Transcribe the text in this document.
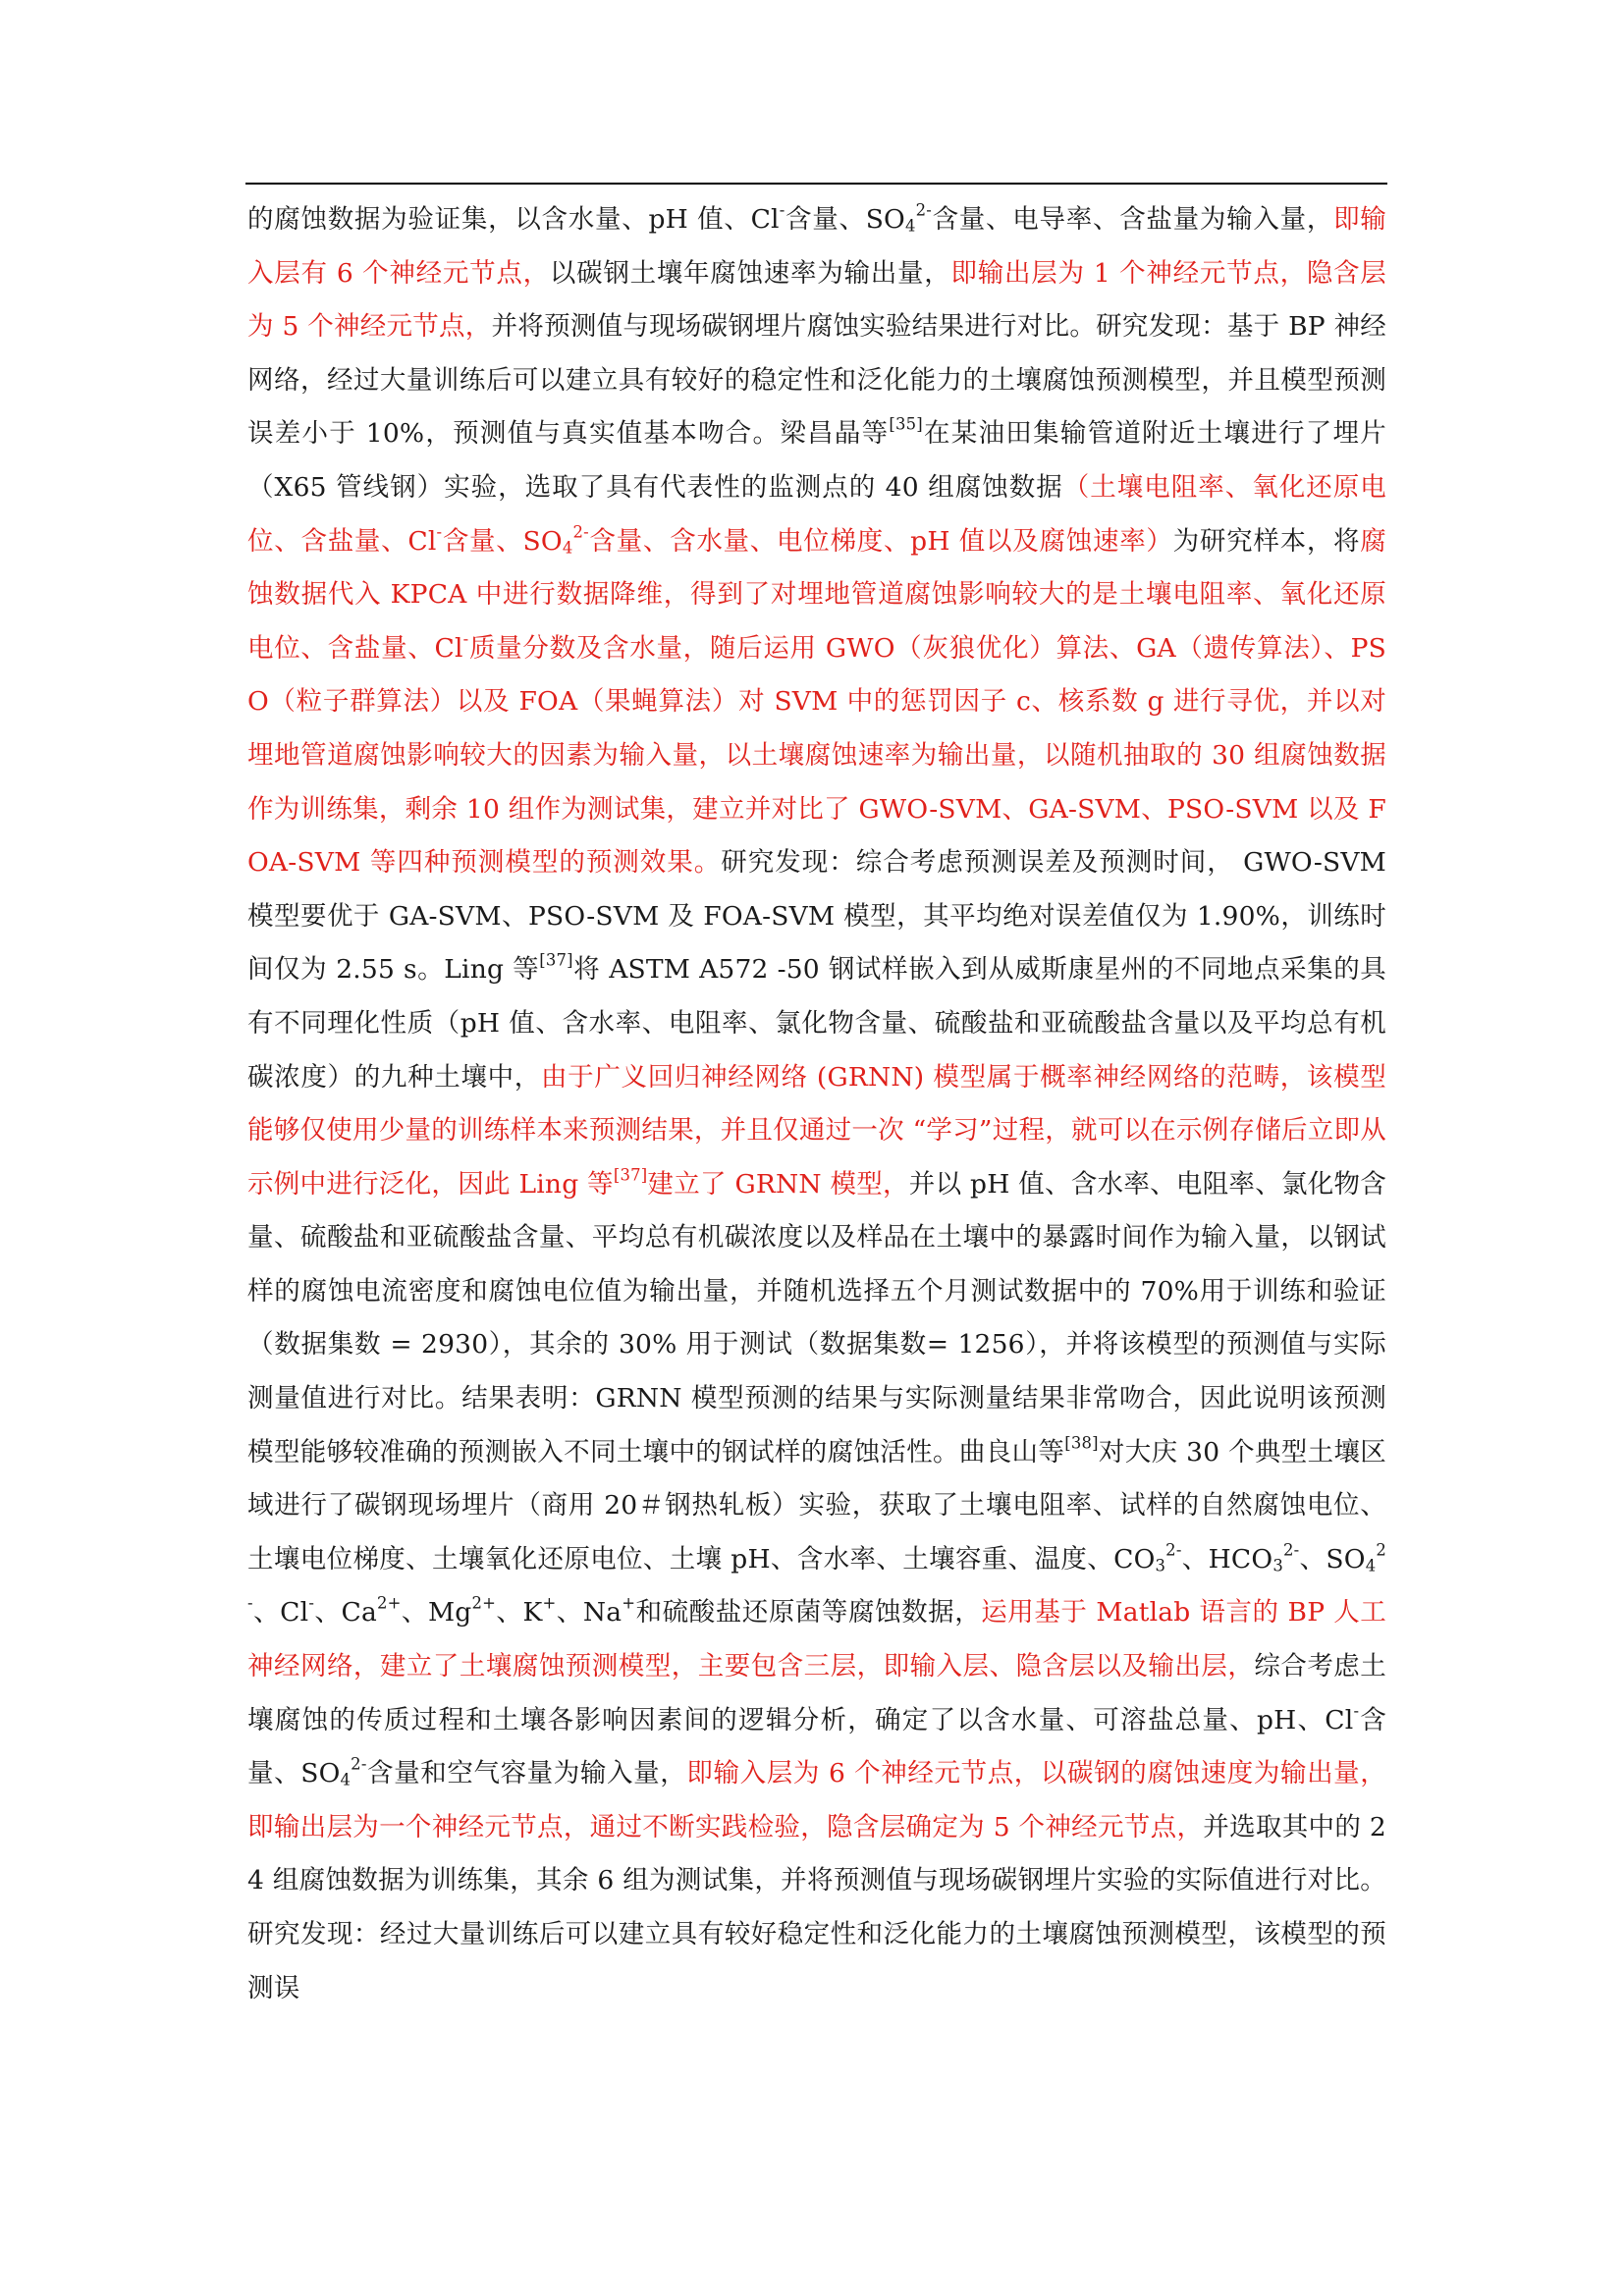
的腐蚀数据为验证集，以含水量、pH 值、Cl-含量、$SO_4^{2-}$含量、电导率、含盐量为输入量，即输入层有 6 个神经元节点，以碳钢土壤年腐蚀速率为输出量，即输出层为 1 个神经元节点，隐含层为 5 个神经元节点，并将预测值与现场碳钢埋片腐蚀实验结果进行对比。研究发现：基于 BP 神经网络，经过大量训练后可以建立具有较好的稳定性和泛化能力的土壤腐蚀预测模型，并且模型预测误差小于 10%，预测值与真实值基本吻合。梁昌晶等[35]在某油田集输管道附近土壤进行了埋片（X65 管线钢）实验，选取了具有代表性的监测点的 40 组腐蚀数据（土壤电阻率、氧化还原电位、含盐量、Cl-含量、$SO_4^{2-}$含量、含水量、电位梯度、pH 值以及腐蚀速率）为研究样本，将腐蚀数据代入 KPCA 中进行数据降维，得到了对埋地管道腐蚀影响较大的是土壤电阻率、氧化还原电位、含盐量、Cl-质量分数及含水量，随后运用 GWO（灰狼优化）算法、GA（遗传算法）、PSO（粒子群算法）以及 FOA（果蝇算法）对 SVM 中的惩罚因子 c、核系数 g 进行寻优，并以对埋地管道腐蚀影响较大的因素为输入量，以土壤腐蚀速率为输出量，以随机抽取的 30 组腐蚀数据作为训练集，剩余 10 组作为测试集，建立并对比了 GWO-SVM、GA-SVM、PSO-SVM 以及 FOA-SVM 等四种预测模型的预测效果。研究发现：综合考虑预测误差及预测时间， GWO-SVM 模型要优于 GA-SVM、PSO-SVM 及 FOA-SVM 模型，其平均绝对误差值仅为 1.90%，训练时间仅为 2.55 s。Ling 等[37]将 ASTM A572 -50 钢试样嵌入到从威斯康星州的不同地点采集的具有不同理化性质（pH 值、含水率、电阻率、氯化物含量、硫酸盐和亚硫酸盐含量以及平均总有机碳浓度）的九种土壤中，由于广义回归神经网络 (GRNN) 模型属于概率神经网络的范畴，该模型能够仅使用少量的训练样本来预测结果，并且仅通过一次 “学习”过程，就可以在示例存储后立即从示例中进行泛化，因此 Ling 等[37]建立了 GRNN 模型，并以 pH 值、含水率、电阻率、氯化物含量、硫酸盐和亚硫酸盐含量、平均总有机碳浓度以及样品在土壤中的暴露时间作为输入量，以钢试样的腐蚀电流密度和腐蚀电位值为输出量，并随机选择五个月测试数据中的 70%用于训练和验证（数据集数 = 2930），其余的 30% 用于测试（数据集数= 1256），并将该模型的预测值与实际测量值进行对比。结果表明：GRNN 模型预测的结果与实际测量结果非常吻合，因此说明该预测模型能够较准确的预测嵌入不同土壤中的钢试样的腐蚀活性。曲良山等[38]对大庆 30 个典型土壤区域进行了碳钢现场埋片（商用 20＃钢热轧板）实验，获取了土壤电阻率、试样的自然腐蚀电位、土壤电位梯度、土壤氧化还原电位、土壤 pH、含水率、土壤容重、温度、$CO_3^{2-}$、$HCO_3^{2-}$、$SO_4^{2-}$、Cl-、$Ca^{2+}$、$Mg^{2+}$、K+、Na+和硫酸盐还原菌等腐蚀数据，运用基于 Matlab 语言的 BP 人工神经网络，建立了土壤腐蚀预测模型，主要包含三层，即输入层、隐含层以及输出层，综合考虑土壤腐蚀的传质过程和土壤各影响因素间的逻辑分析，确定了以含水量、可溶盐总量、pH、Cl-含量、$SO_4^{2-}$含量和空气容量为输入量，即输入层为 6 个神经元节点，以碳钢的腐蚀速度为输出量，即输出层为一个神经元节点，通过不断实践检验，隐含层确定为 5 个神经元节点，并选取其中的 24 组腐蚀数据为训练集，其余 6 组为测试集，并将预测值与现场碳钢埋片实验的实际值进行对比。研究发现：经过大量训练后可以建立具有较好稳定性和泛化能力的土壤腐蚀预测模型，该模型的预测误
